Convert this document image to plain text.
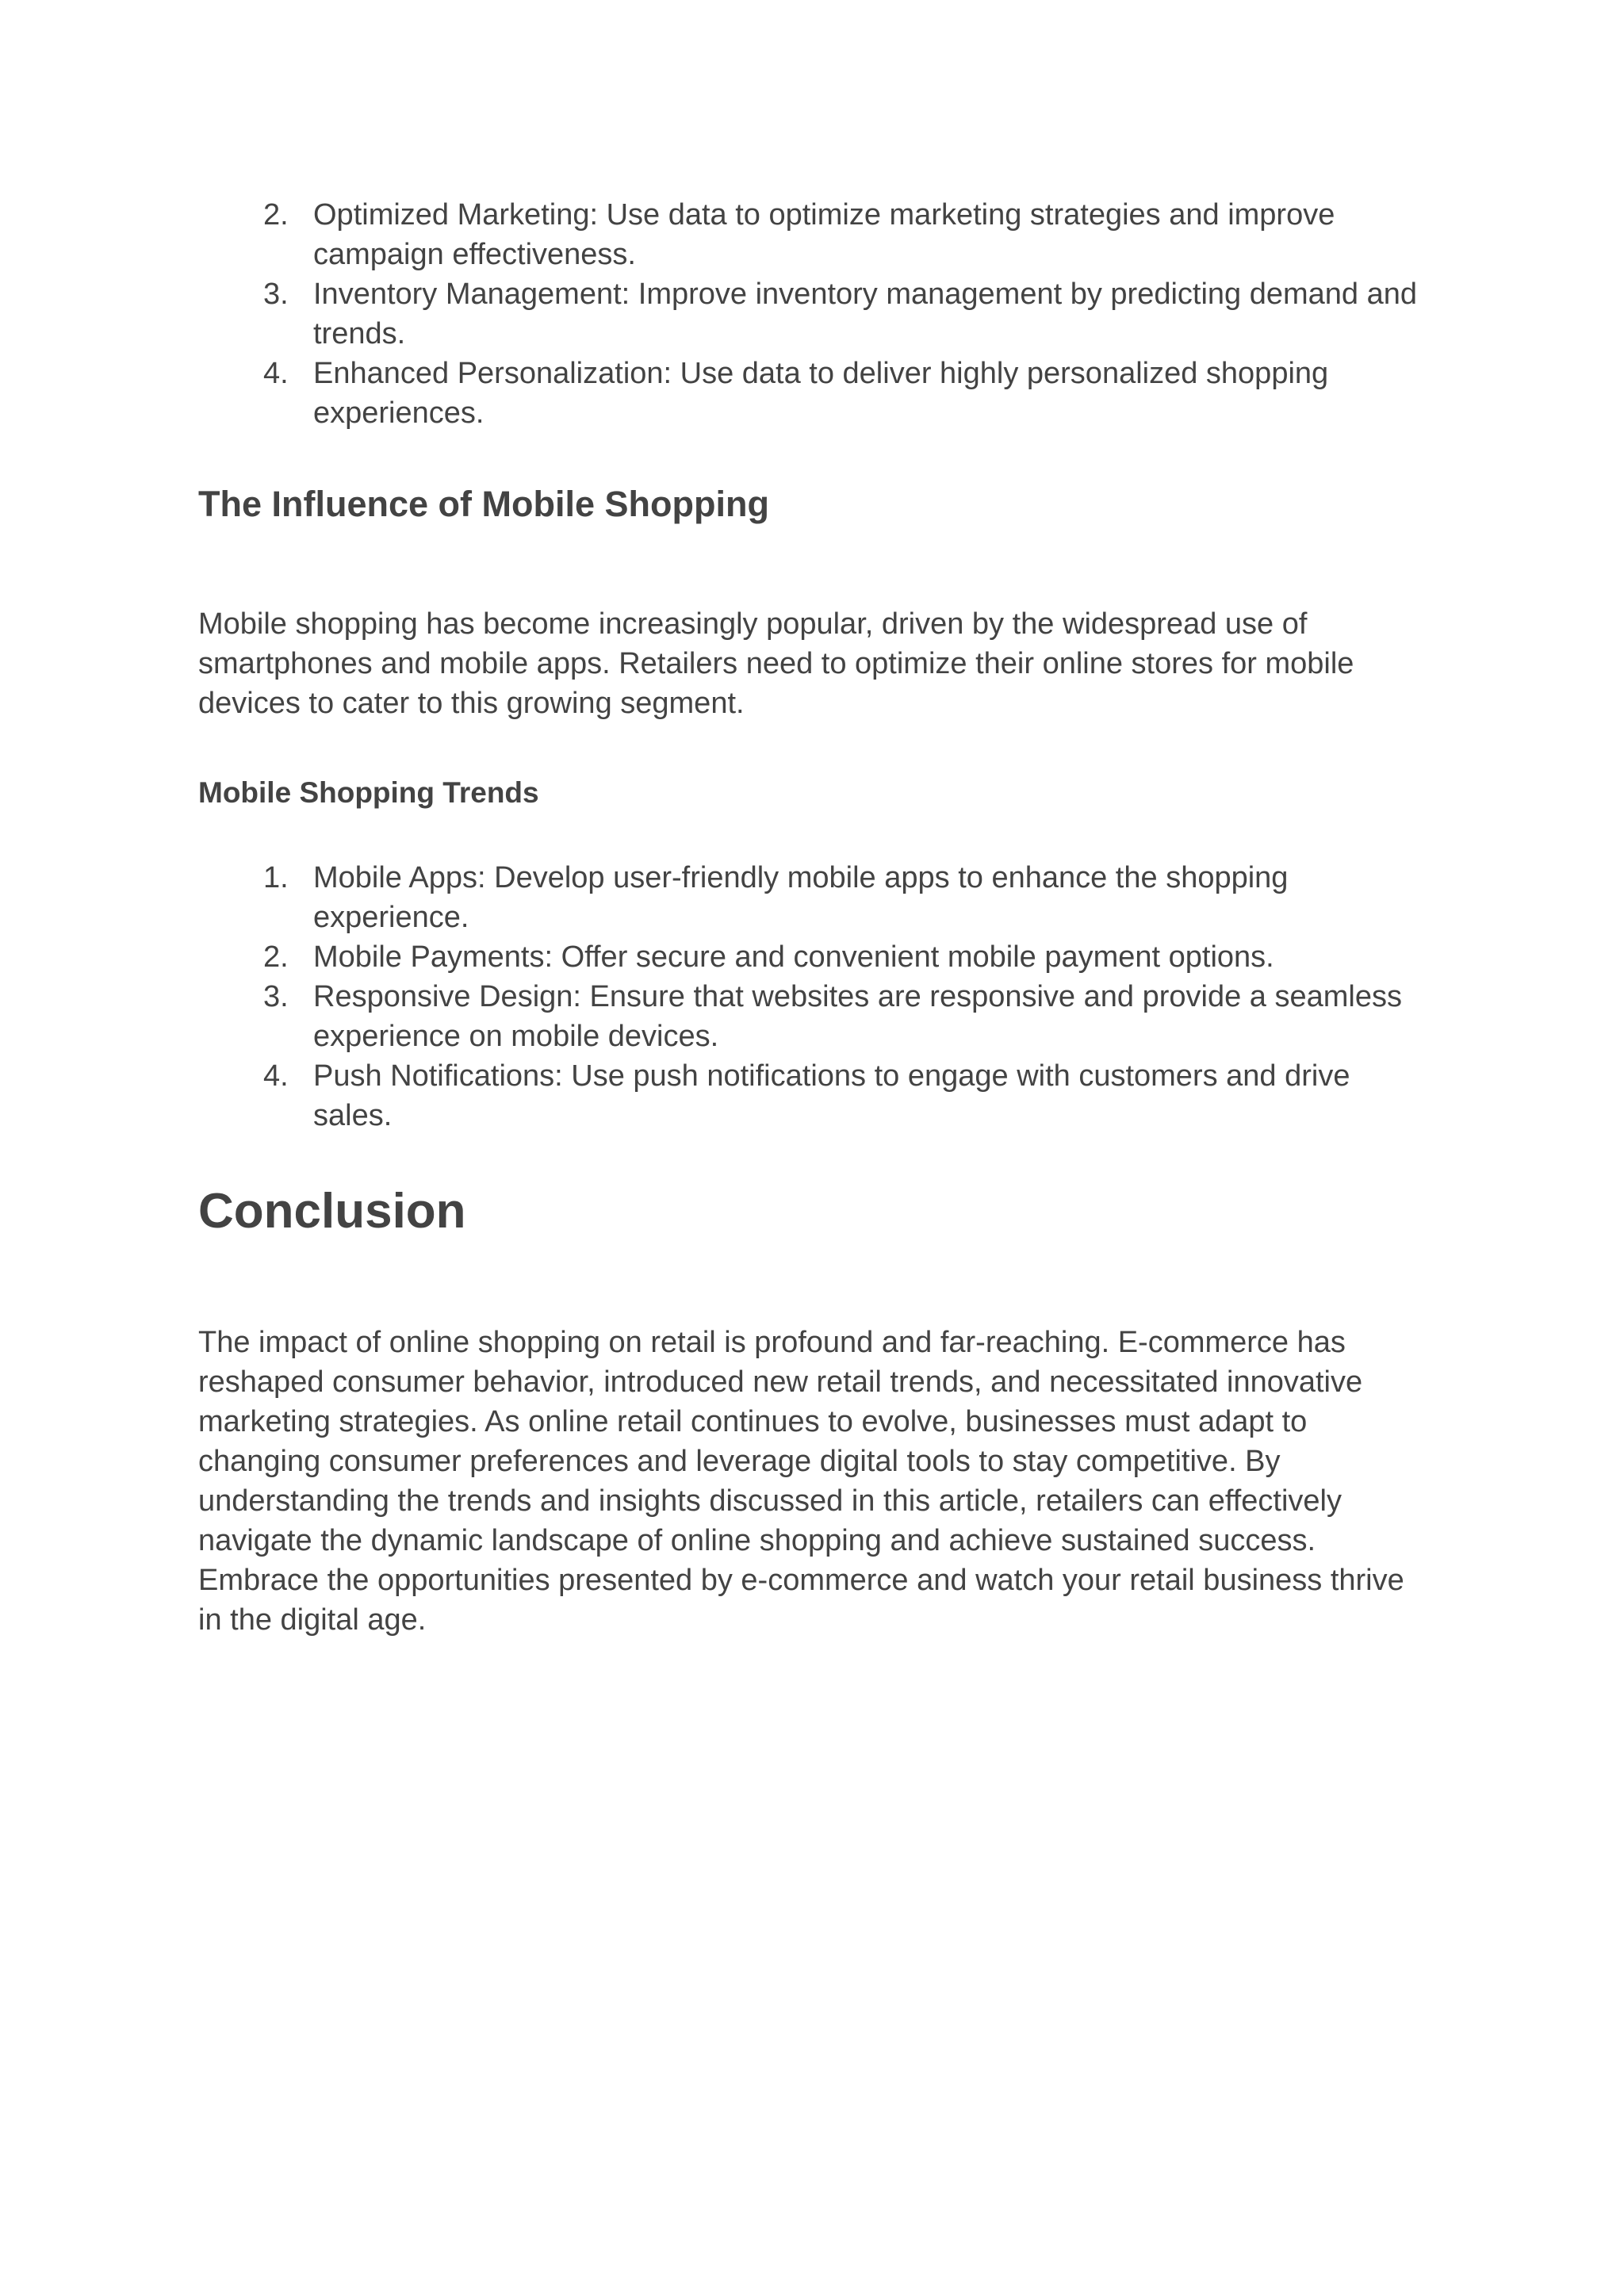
2. Optimized Marketing: Use data to optimize marketing strategies and improve campaign effectiveness.
3. Inventory Management: Improve inventory management by predicting demand and trends.
4. Enhanced Personalization: Use data to deliver highly personalized shopping experiences.
The Influence of Mobile Shopping

Mobile shopping has become increasingly popular, driven by the widespread use of smartphones and mobile apps. Retailers need to optimize their online stores for mobile devices to cater to this growing segment.

Mobile Shopping Trends
1. Mobile Apps: Develop user-friendly mobile apps to enhance the shopping experience.
2. Mobile Payments: Offer secure and convenient mobile payment options.
3. Responsive Design: Ensure that websites are responsive and provide a seamless experience on mobile devices.
4. Push Notifications: Use push notifications to engage with customers and drive sales.
Conclusion

The impact of online shopping on retail is profound and far-reaching. E-commerce has reshaped consumer behavior, introduced new retail trends, and necessitated innovative marketing strategies. As online retail continues to evolve, businesses must adapt to changing consumer preferences and leverage digital tools to stay competitive. By understanding the trends and insights discussed in this article, retailers can effectively navigate the dynamic landscape of online shopping and achieve sustained success. Embrace the opportunities presented by e-commerce and watch your retail business thrive in the digital age.
